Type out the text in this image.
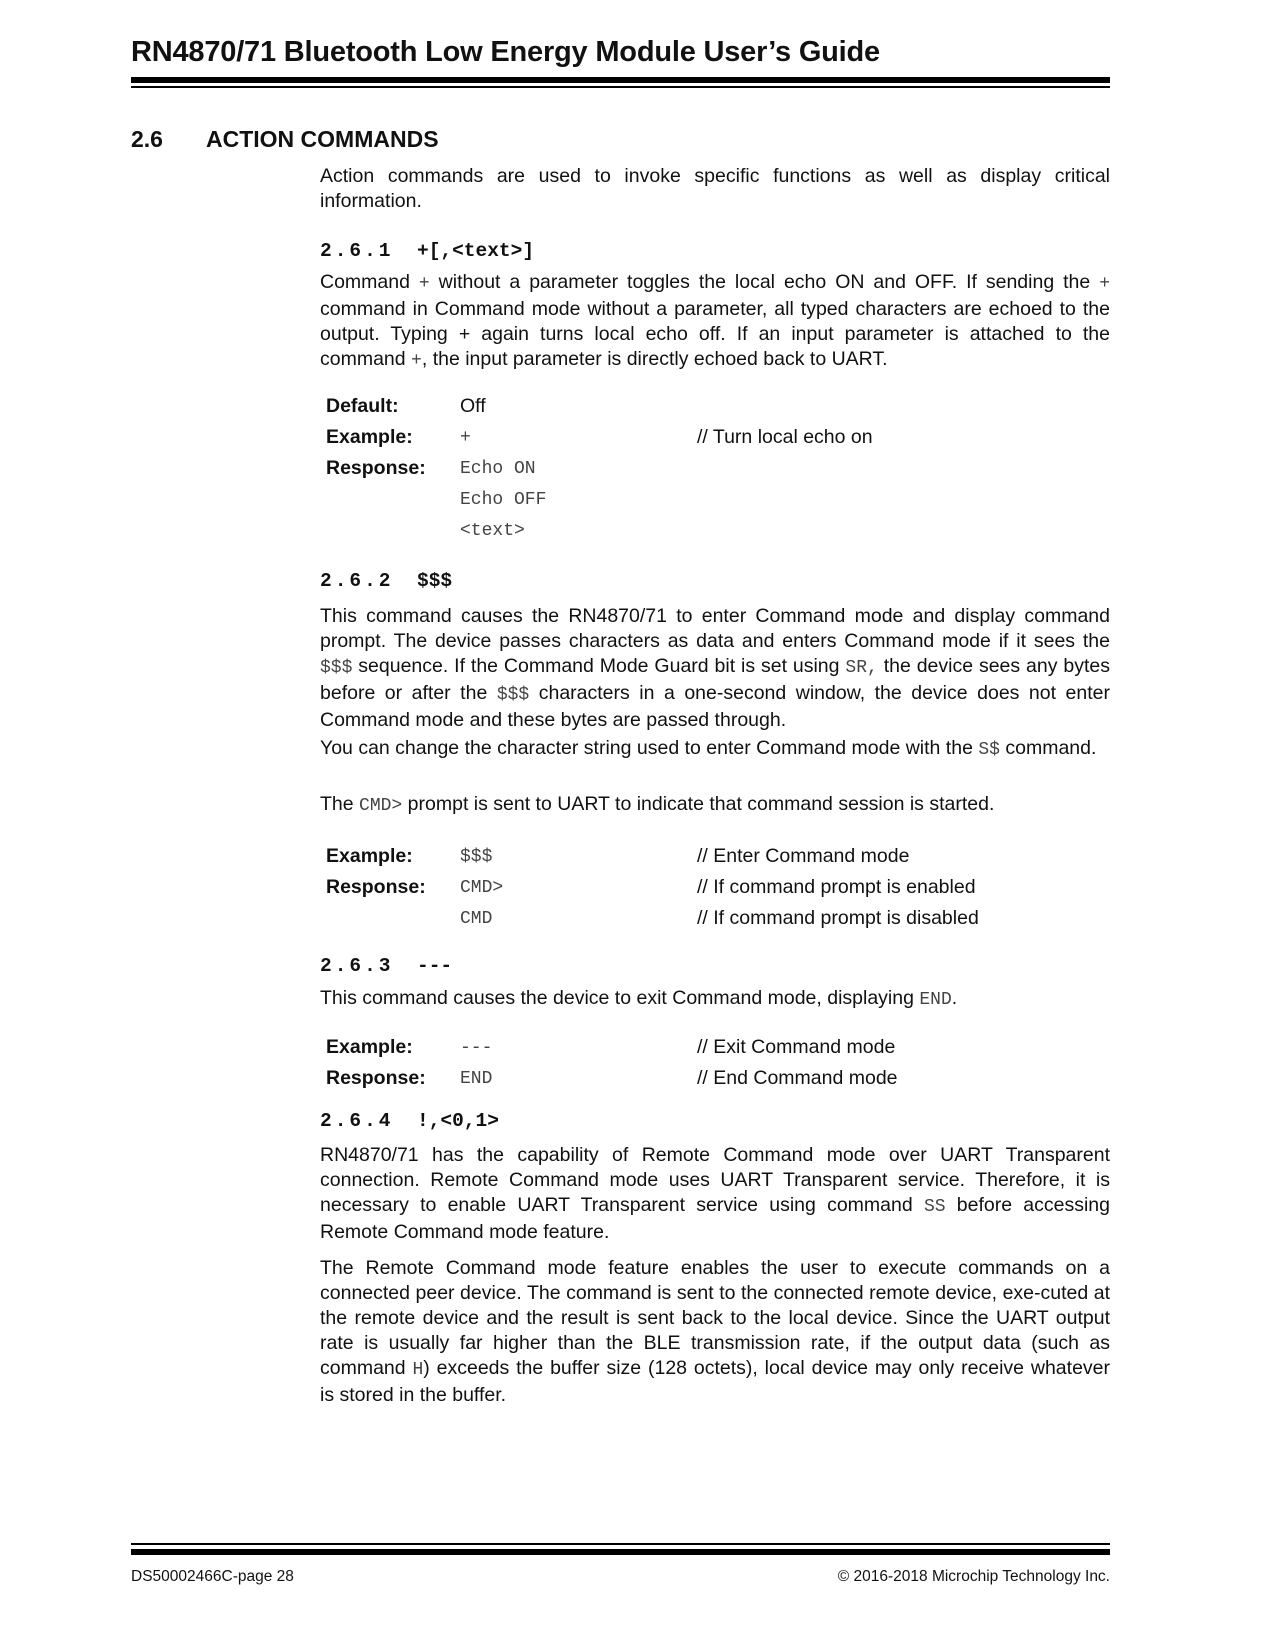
RN4870/71 Bluetooth Low Energy Module User’s Guide
2.6 ACTION COMMANDS
Action commands are used to invoke specific functions as well as display critical information.
2.6.1 +[,<text>]
Command + without a parameter toggles the local echo ON and OFF. If sending the + command in Command mode without a parameter, all typed characters are echoed to the output. Typing + again turns local echo off. If an input parameter is attached to the command +, the input parameter is directly echoed back to UART.
Default:	Off
Example:	+	// Turn local echo on
Response: Echo ON
Echo OFF
<text>
2.6.2 $$$
This command causes the RN4870/71 to enter Command mode and display command prompt. The device passes characters as data and enters Command mode if it sees the $$$ sequence. If the Command Mode Guard bit is set using SR, the device sees any bytes before or after the $$$ characters in a one-second window, the device does not enter Command mode and these bytes are passed through.
You can change the character string used to enter Command mode with the S$ command.
The CMD> prompt is sent to UART to indicate that command session is started.
Example:	$$$	// Enter Command mode
Response: CMD>	// If command prompt is enabled
CMD	// If command prompt is disabled
2.6.3 ---
This command causes the device to exit Command mode, displaying END.
Example:	---	// Exit Command mode
Response: END	// End Command mode
2.6.4 !,<0,1>
RN4870/71 has the capability of Remote Command mode over UART Transparent connection. Remote Command mode uses UART Transparent service. Therefore, it is necessary to enable UART Transparent service using command SS before accessing Remote Command mode feature.
The Remote Command mode feature enables the user to execute commands on a connected peer device. The command is sent to the connected remote device, exe-cuted at the remote device and the result is sent back to the local device. Since the UART output rate is usually far higher than the BLE transmission rate, if the output data (such as command H) exceeds the buffer size (128 octets), local device may only receive whatever is stored in the buffer.
DS50002466C-page 28	© 2016-2018 Microchip Technology Inc.
